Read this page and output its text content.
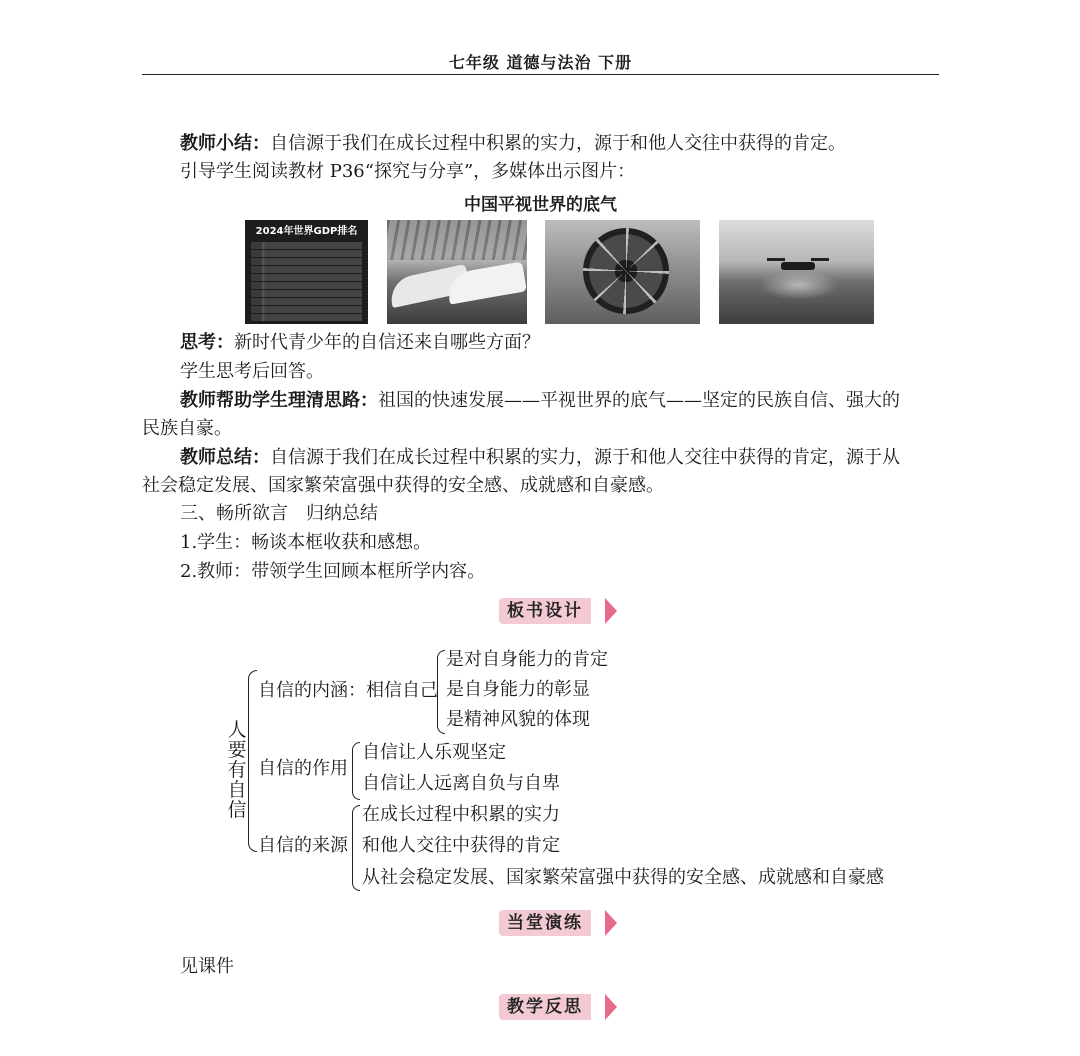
七年级 道德与法治 下册
教师小结：自信源于我们在成长过程中积累的实力，源于和他人交往中获得的肯定。
引导学生阅读教材 P36“探究与分享”，多媒体出示图片：
中国平视世界的底气
2024年世界GDP排名
思考：新时代青少年的自信还来自哪些方面？
学生思考后回答。
教师帮助学生理清思路：祖国的快速发展——平视世界的底气——坚定的民族自信、强大的
民族自豪。
教师总结：自信源于我们在成长过程中积累的实力，源于和他人交往中获得的肯定，源于从
社会稳定发展、国家繁荣富强中获得的安全感、成就感和自豪感。
三、畅所欲言　归纳总结
1.学生：畅谈本框收获和感想。
2.教师：带领学生回顾本框所学内容。
板书设计
人
要
有
自
信
自信的内涵：相信自己
是对自身能力的肯定
是自身能力的彰显
是精神风貌的体现
自信的作用
自信让人乐观坚定
自信让人远离自负与自卑
自信的来源
在成长过程中积累的实力
和他人交往中获得的肯定
从社会稳定发展、国家繁荣富强中获得的安全感、成就感和自豪感
当堂演练
见课件
教学反思
